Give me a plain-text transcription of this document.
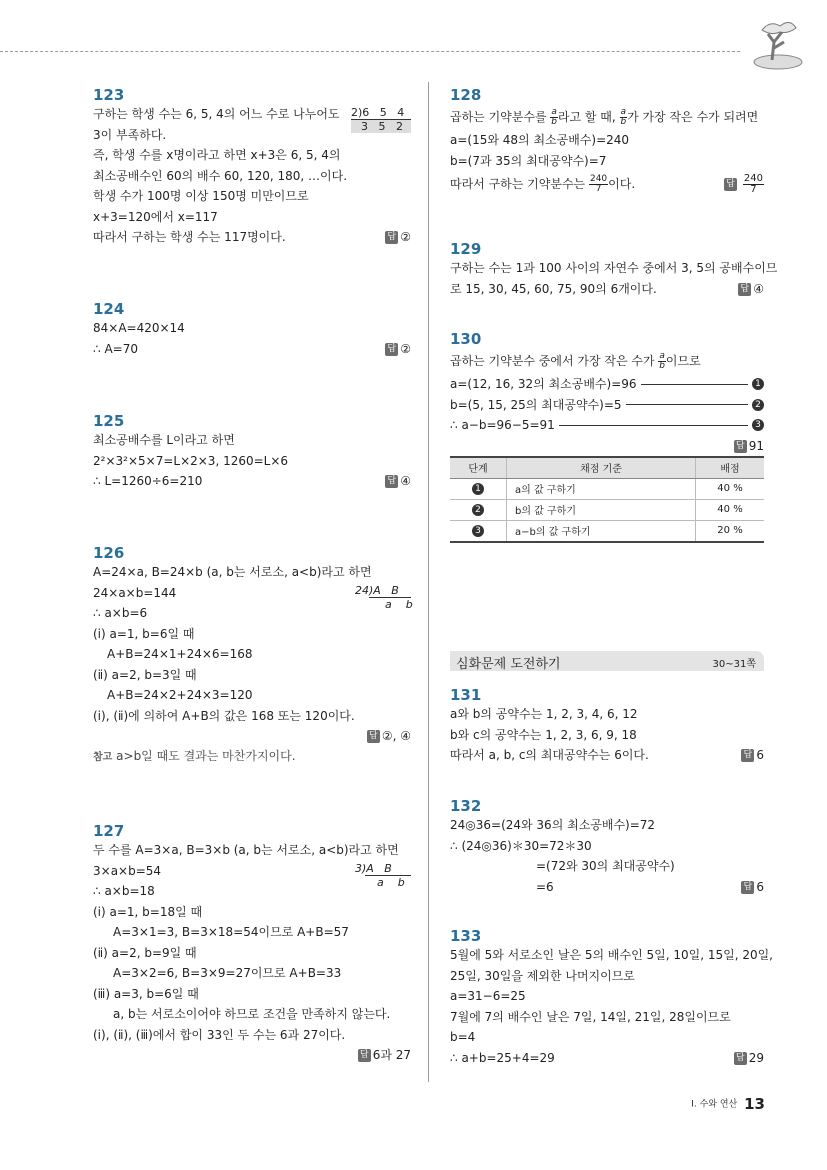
123
구하는 학생 수는 6, 5, 4의 어느 수로 나누어도
3이 부족하다.
즉, 학생 수를 x명이라고 하면 x+3은 6, 5, 4의
최소공배수인 60의 배수 60, 120, 180, …이다.
학생 수가 100명 이상 150명 미만이므로
x+3=120에서 x=117
따라서 구하는 학생 수는 117명이다.	답 ②
2)6   5   4
3   5   2
124
84×A=420×14
∴ A=70	답 ②
125
최소공배수를 L이라고 하면
2²×3²×5×7=L×2×3, 1260=L×6
∴ L=1260÷6=210	답 ④
126
A=24×a, B=24×b (a, b는 서로소, a<b)라고 하면
24×a×b=144
∴ a×b=6
(ⅰ) a=1, b=6일 때
A+B=24×1+24×6=168
(ⅱ) a=2, b=3일 때
A+B=24×2+24×3=120
(ⅰ), (ⅱ)에 의하여 A+B의 값은 168 또는 120이다.
답 ②, ④
참고 a>b일 때도 결과는 마찬가지이다.
24)A   B
a    b
127
두 수를 A=3×a, B=3×b (a, b는 서로소, a<b)라고 하면
3×a×b=54
∴ a×b=18
(ⅰ) a=1, b=18일 때
A=3×1=3, B=3×18=54이므로 A+B=57
(ⅱ) a=2, b=9일 때
A=3×2=6, B=3×9=27이므로 A+B=33
(ⅲ) a=3, b=6일 때
a, b는 서로소이어야 하므로 조건을 만족하지 않는다.
(ⅰ), (ⅱ), (ⅲ)에서 합이 33인 두 수는 6과 27이다.
답 6과 27
3)A   B
a    b
128
곱하는 기약분수를 $\frac{a}{b}$ 라고 할 때, $\frac{a}{b}$ 가 가장 작은 수가 되려면
a=(15와 48의 최소공배수)=240
b=(7과 35의 최대공약수)=7
따라서 구하는 기약분수는 $\frac{240}{7}$ 이다.	답 $\frac{240}{7}$
129
구하는 수는 1과 100 사이의 자연수 중에서 3, 5의 공배수이므
로 15, 30, 45, 60, 75, 90의 6개이다.	답 ④
130
곱하는 기약분수 중에서 가장 작은 수가 $\frac{a}{b}$ 이므로
a=(12, 16, 32의 최소공배수)=96	1
b=(5, 15, 25의 최대공약수)=5	2
∴ a−b=96−5=91	3
답 91
단계	채점 기준	배점
1	a의 값 구하기	40 %
2	b의 값 구하기	40 %
3	a−b의 값 구하기	20 %
심화문제 도전하기	30~31쪽
131
a와 b의 공약수는 1, 2, 3, 4, 6, 12
b와 c의 공약수는 1, 2, 3, 6, 9, 18
따라서 a, b, c의 최대공약수는 6이다.	답 6
132
24◎36=(24와 36의 최소공배수)=72
∴ (24◎36)＊30=72＊30
=(72와 30의 최대공약수)
=6	답 6
133
5월에 5와 서로소인 날은 5의 배수인 5일, 10일, 15일, 20일,
25일, 30일을 제외한 나머지이므로
a=31−6=25
7월에 7의 배수인 날은 7일, 14일, 21일, 28일이므로
b=4
∴ a+b=25+4=29	답 29
Ⅰ. 수와 연산 13
